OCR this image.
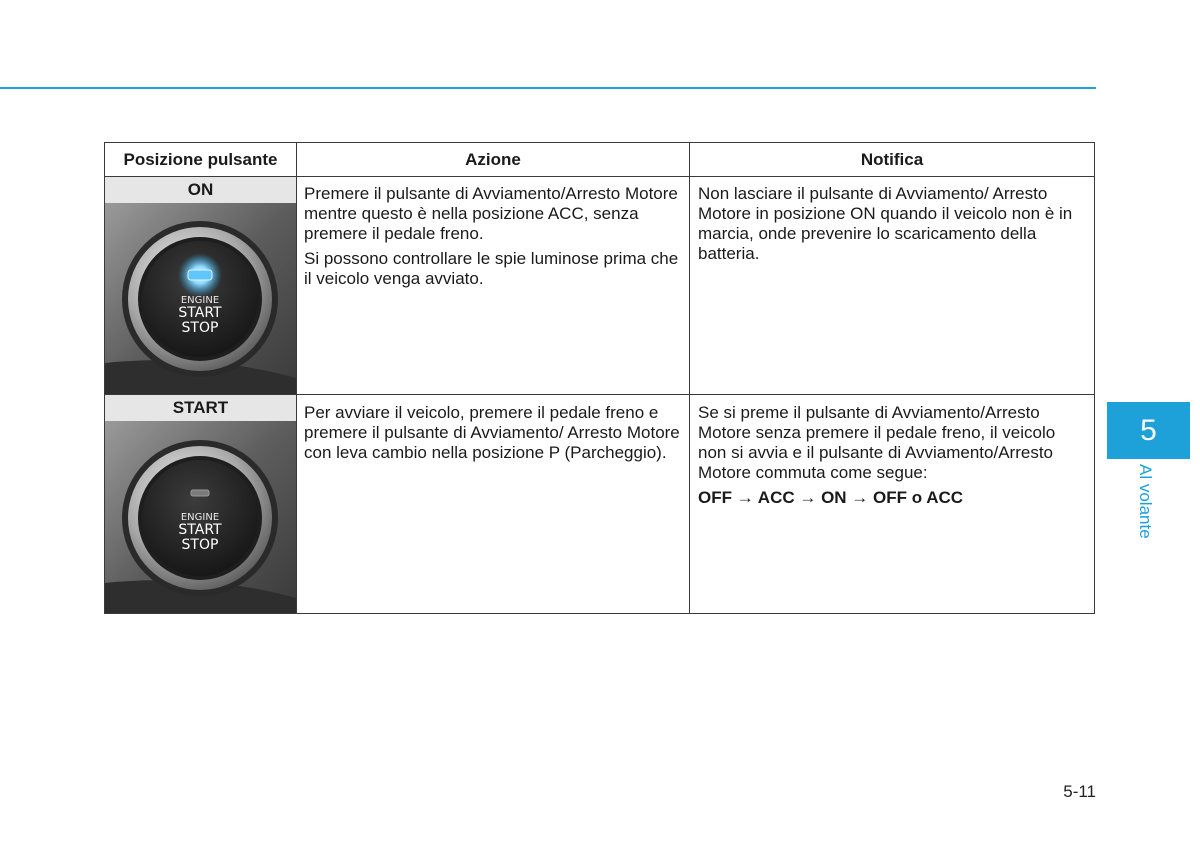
Posizione pulsante	Azione	Notifica
ON
ENGINE
START
STOP

Premere il pulsante di Avviamento/Arresto Motore mentre questo è nella posizione ACC, senza premere il pedale freno.

Si possono controllare le spie luminose prima che il veicolo venga avviato.

Non lasciare il pulsante di Avviamento/ Arresto Motore in posizione ON quando il veicolo non è in marcia, onde prevenire lo scaricamento della batteria.

START
ENGINE
START
STOP

Per avviare il veicolo, premere il pedale freno e premere il pulsante di Avviamento/ Arresto Motore con leva cambio nella posizione P (Parcheggio).

Se si preme il pulsante di Avviamento/Arresto Motore senza premere il pedale freno, il veicolo non si avvia e il pulsante di Avviamento/Arresto Motore commuta come segue:

OFF → ACC → ON → OFF o ACC

5
Al volante
5-11
